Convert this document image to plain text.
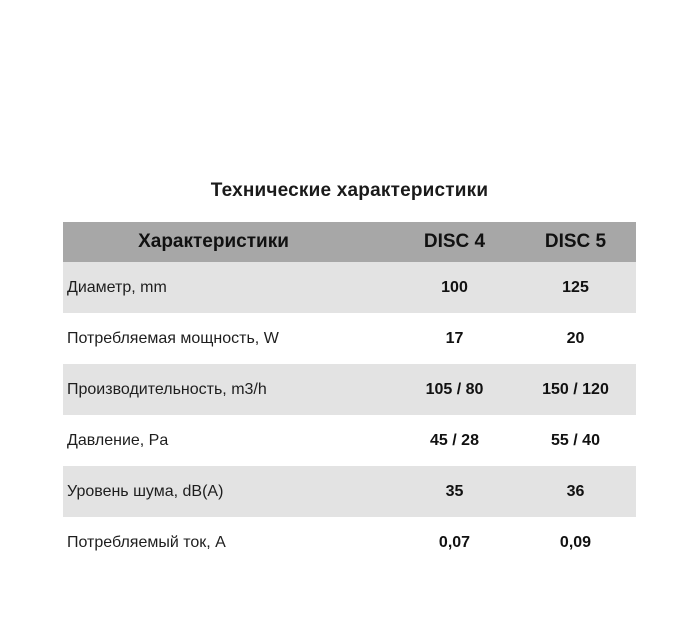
Технические характеристики
Характеристики	DISC 4	DISC 5
Диаметр, mm	100	125
Потребляемая мощность, W	17	20
Производительность, m3/h	105 / 80	150 / 120
Давление, Pa	45 / 28	55 / 40
Уровень шума, dB(A)	35	36
Потребляемый ток, A	0,07	0,09
